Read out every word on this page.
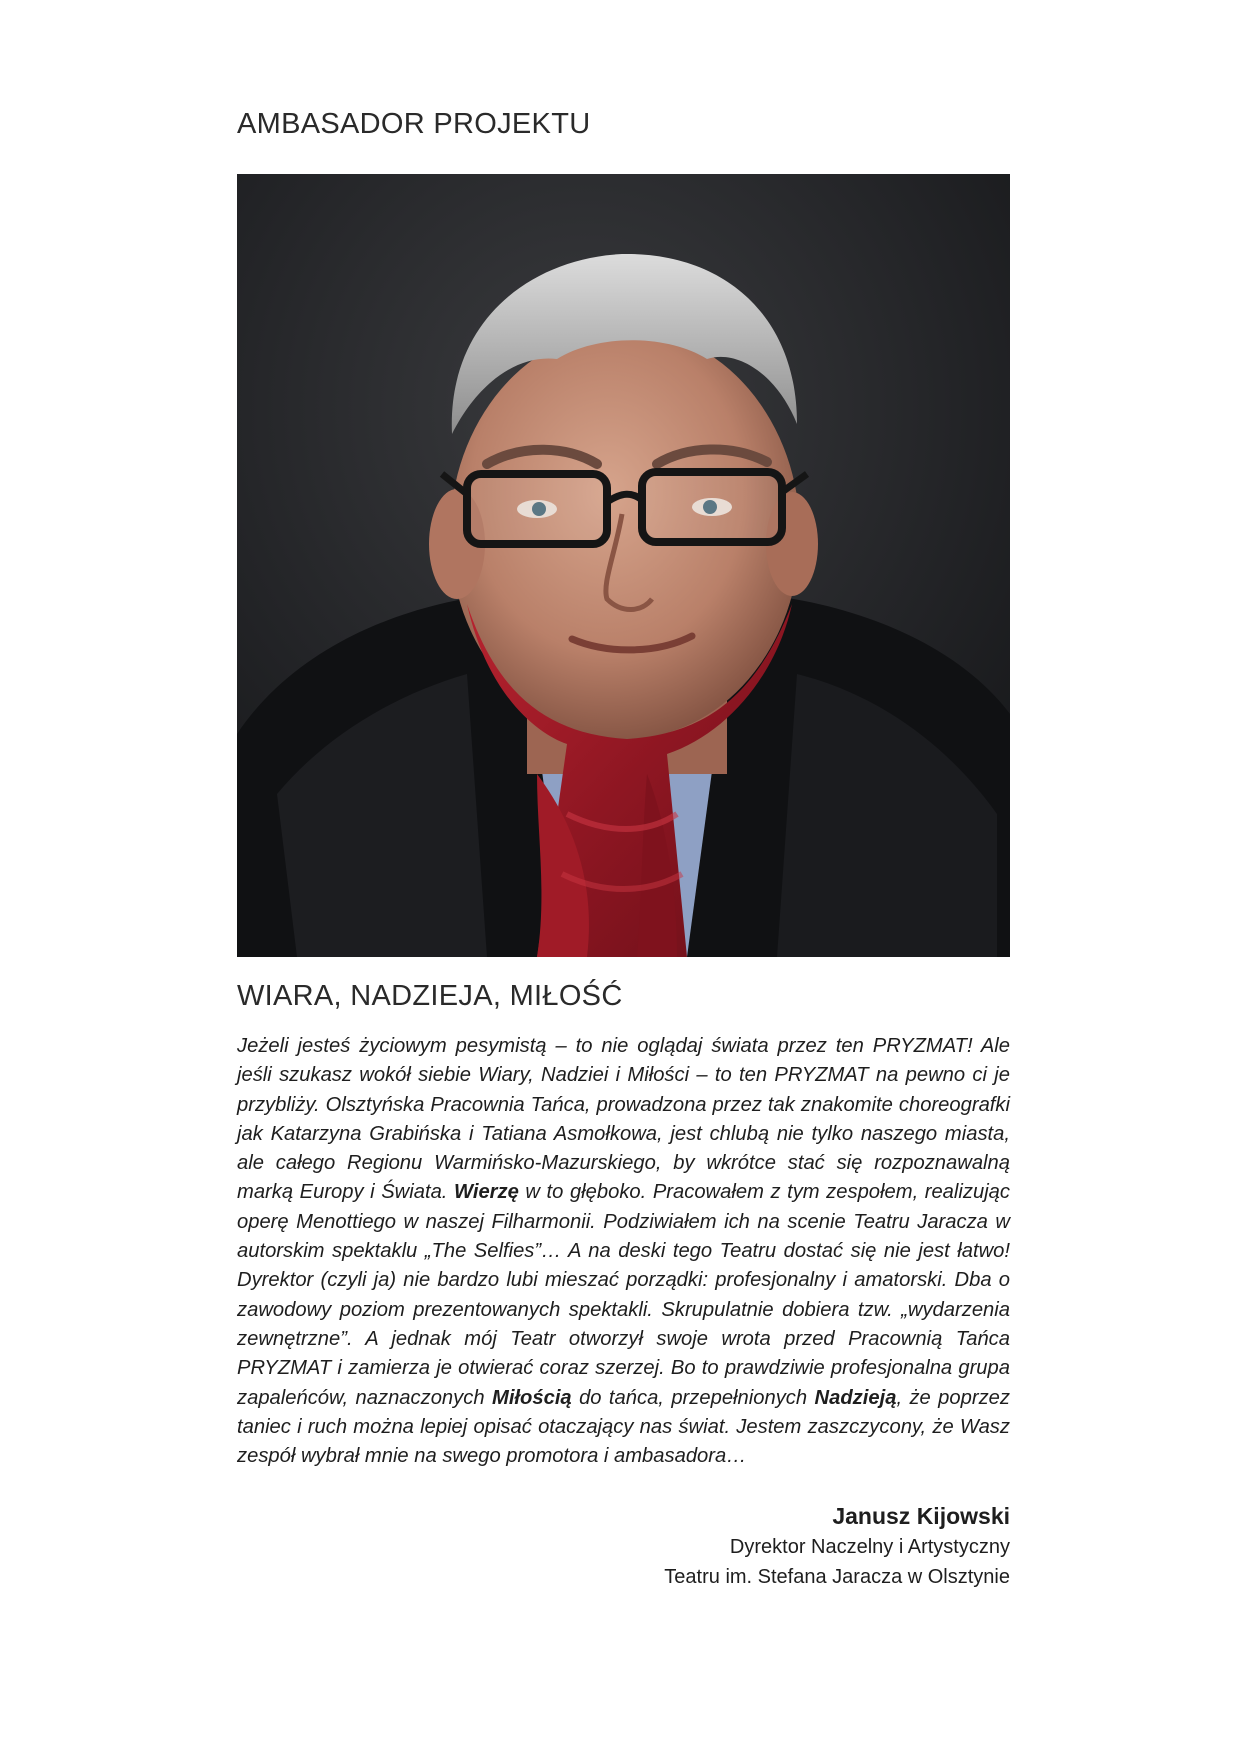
AMBASADOR PROJEKTU
WIARA, NADZIEJA, MIŁOŚĆ

Jeżeli jesteś życiowym pesymistą – to nie oglądaj świata przez ten PRYZMAT! Ale jeśli szukasz wokół siebie Wiary, Nadziei i Miłości – to ten PRYZMAT na pewno ci je przybliży. Olsztyńska Pracownia Tańca, prowadzona przez tak znakomite choreografki jak Katarzyna Grabińska i Tatiana Asmołkowa, jest chlubą nie tylko naszego miasta, ale całego Regionu Warmińsko-Mazurskiego, by wkrótce stać się rozpoznawalną marką Europy i Świata. Wierzę w to głęboko. Pracowałem z tym zespołem, realizując operę Menottiego w naszej Filharmonii. Podziwiałem ich na scenie Teatru Jaracza w autorskim spektaklu „The Selfies”… A na deski tego Teatru dostać się nie jest łatwo! Dyrektor (czyli ja) nie bardzo lubi mieszać porządki: profesjonalny i amatorski. Dba o zawodowy poziom prezentowanych spektakli. Skrupulatnie dobiera tzw. „wydarzenia zewnętrzne”. A jednak mój Teatr otworzył swoje wrota przed Pracownią Tańca PRYZMAT i zamierza je otwierać coraz szerzej. Bo to prawdziwie profesjonalna grupa zapaleńców, naznaczonych Miłością do tańca, przepełnionych Nadzieją, że poprzez taniec i ruch można lepiej opisać otaczający nas świat. Jestem zaszczycony, że Wasz zespół wybrał mnie na swego promotora i ambasadora…

Janusz Kijowski
Dyrektor Naczelny i Artystyczny
Teatru im. Stefana Jaracza w Olsztynie
